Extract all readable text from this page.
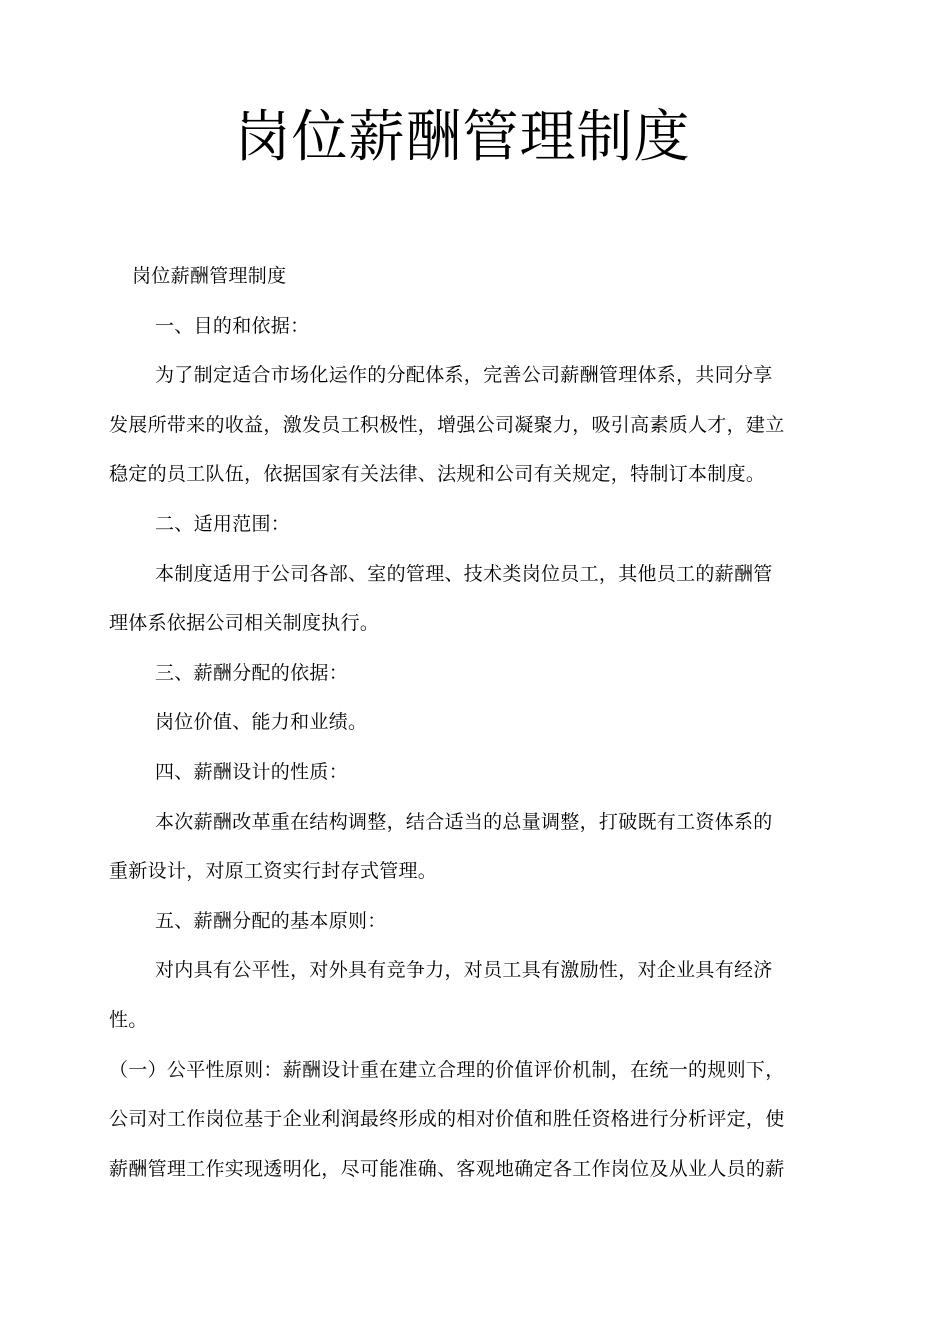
岗位薪酬管理制度

岗位薪酬管理制度

一、目的和依据：

为了制定适合市场化运作的分配体系，完善公司薪酬管理体系，共同分享

发展所带来的收益，激发员工积极性，增强公司凝聚力，吸引高素质人才，建立

稳定的员工队伍，依据国家有关法律、法规和公司有关规定，特制订本制度。

二、适用范围：

本制度适用于公司各部、室的管理、技术类岗位员工，其他员工的薪酬管

理体系依据公司相关制度执行。

三、薪酬分配的依据：

岗位价值、能力和业绩。

四、薪酬设计的性质：

本次薪酬改革重在结构调整，结合适当的总量调整，打破既有工资体系的

重新设计，对原工资实行封存式管理。

五、薪酬分配的基本原则：

对内具有公平性，对外具有竞争力，对员工具有激励性，对企业具有经济

性。

（一）公平性原则：薪酬设计重在建立合理的价值评价机制，在统一的规则下，

公司对工作岗位基于企业利润最终形成的相对价值和胜任资格进行分析评定，使

薪酬管理工作实现透明化，尽可能准确、客观地确定各工作岗位及从业人员的薪
